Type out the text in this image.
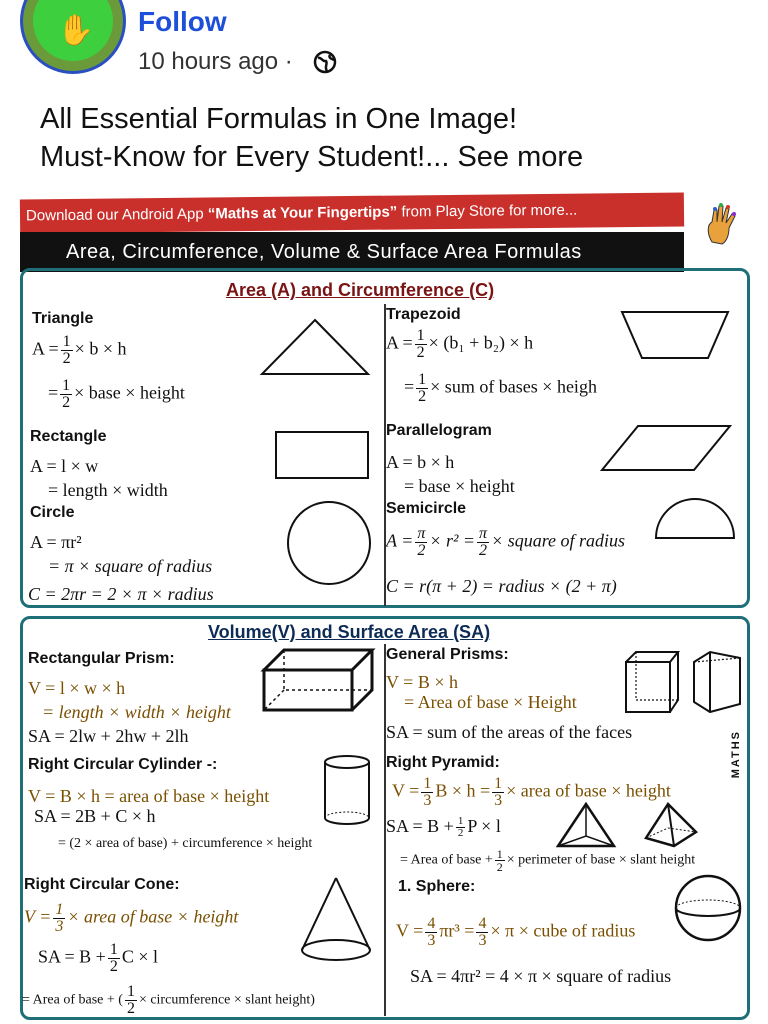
✋ Follow
10 hours ago ·
All Essential Formulas in One Image!
Must-Know for Every Student!... See more
Download our Android App “Maths at Your Fingertips” from Play Store for more...
Area, Circumference, Volume & Surface Area Formulas
Area (A) and Circumference (C)
Triangle
$A = \frac{1}{2} \times b \times h$
= $\frac{1}{2}$ × base × height
Trapezoid
$A = \frac{1}{2} \times (b_1 + b_2) \times h$
= $\frac{1}{2}$ × sum of bases × heigh
Rectangle
A = l × w
= length × width
Parallelogram
A = b × h
= base × height
Circle
A = πr²
= π × square of radius
C = 2πr = 2 × π × radius
Semicircle
$A = \frac{\pi}{2} \times r^2 = \frac{\pi}{2}$ × square of radius
C = r(π + 2) = radius × (2 + π)
MATHS
Volume(V) and Surface Area (SA)
Rectangular Prism:
V = l × w × h
= length × width × height
SA = 2lw + 2hw + 2lh
General Prisms:
V = B × h
= Area of base × Height
SA = sum of the areas of the faces
Right Circular Cylinder -:
V = B × h = area of base × height
SA = 2B + C × h
= (2 × area of base) + circumference × height
Right Pyramid:
$V = \frac{1}{3}$ $B \times h = \frac{1}{3}$ × area of base × height
SA = $B + \frac{1}{2}$ P × l
= Area of base + $\frac{1}{2}$ × perimeter of base × slant height
Right Circular Cone:
$V = \frac{1}{3}$ × area of base × height
SA = $B + \frac{1}{2}$ C × l
= Area of base + ( $\frac{1}{2}$ × circumference × slant height)
1. Sphere:
$V = \frac{4}{3} \pi r^3 = \frac{4}{3} \times \pi$ × cube of radius
SA = 4πr² = 4 × π × square of radius
